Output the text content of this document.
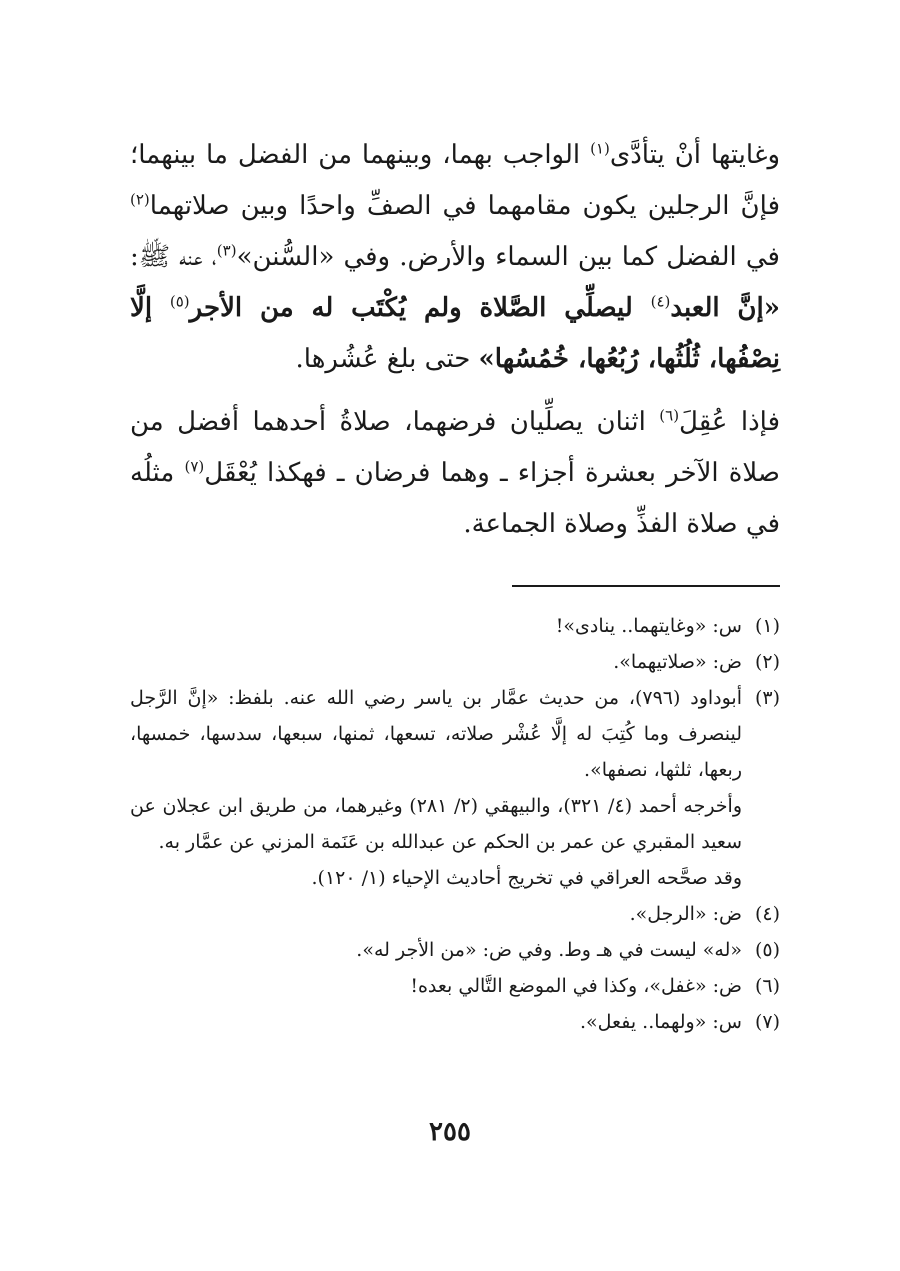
وغايتها أنْ يتأدَّى$^{(١)}$ الواجب بهما، وبينهما من الفضل ما بينهما؛ فإنَّ الرجلين يكون مقامهما في الصفِّ واحدًا وبين صلاتهما$^{(٢)}$ في الفضل كما بين السماء والأرض. وفي «السُّنن»$^{(٣)}$، عنه ﷺ: «إنَّ العبد$^{(٤)}$ ليصلِّي الصَّلاة ولم يُكْتَب له من الأجر$^{(٥)}$ إلَّا نِصْفُها، ثُلُثُها، رُبُعُها، خُمُسُها» حتى بلغ عُشُرها.

فإذا عُقِلَ$^{(٦)}$ اثنان يصلِّيان فرضهما، صلاةُ أحدهما أفضل من صلاة الآخر بعشرة أجزاء ـ وهما فرضان ـ فهكذا يُعْقَل$^{(٧)}$ مثلُه في صلاة الفذِّ وصلاة الجماعة.

(١)
س: «وغايتهما.. ينادى»!
(٢)
ض: «صلاتيهما».
(٣)
أبوداود (٧٩٦)، من حديث عمَّار بن ياسر رضي الله عنه. بلفظ: «إنَّ الرَّجل لينصرف وما كُتِبَ له إلَّا عُشْر صلاته، تسعها، ثمنها، سبعها، سدسها، خمسها، ربعها، ثلثها، نصفها».
وأخرجه أحمد (٤/ ٣٢١)، والبيهقي (٢/ ٢٨١) وغيرهما، من طريق ابن عجلان عن سعيد المقبري عن عمر بن الحكم عن عبدالله بن عَنَمة المزني عن عمَّار به.
وقد صحَّحه العراقي في تخريج أحاديث الإحياء (١/ ١٢٠).
(٤)
ض: «الرجل».
(٥)
«له» ليست في هـ وط. وفي ض: «من الأجر له».
(٦)
ض: «غفل»، وكذا في الموضع التَّالي بعده!
(٧)
س: «ولهما.. يفعل».
٢٥٥
